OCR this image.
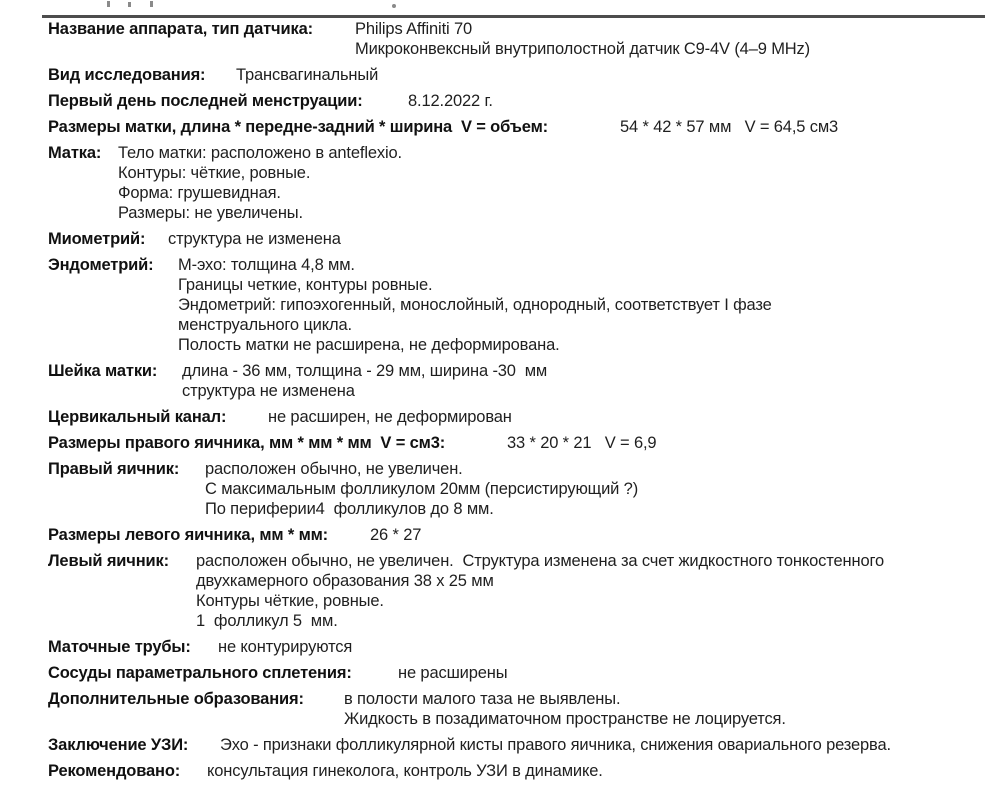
Название аппарата, тип датчика:	Philips Affiniti 70
Микроконвексный внутриполостной датчик C9-4V (4–9 MHz)
Вид исследования: Трансвагинальный
Первый день последней менструации:	8.12.2022 г.
Размеры матки, длина * передне-задний * ширина  V = объем:	54 * 42 * 57 мм   V = 64,5 см3
Матка: Тело матки: расположено в anteflexio.
Контуры: чёткие, ровные.
Форма: грушевидная.
Размеры: не увеличены.
Миометрий: структура не изменена
Эндометрий: М-эхо: толщина 4,8 мм.
Границы четкие, контуры ровные.
Эндометрий: гипоэхогенный, монослойный, однородный, соответствует I фазе
менструального цикла.
Полость матки не расширена, не деформирована.
Шейка матки: длина - 36 мм, толщина - 29 мм, ширина -30  мм
структура не изменена
Цервикальный канал:	не расширен, не деформирован
Размеры правого яичника, мм * мм * мм  V = см3:	33 * 20 * 21   V = 6,9
Правый яичник: расположен обычно, не увеличен.
С максимальным фолликулом 20мм (персистирующий ?)
По периферии4  фолликулов до 8 мм.
Размеры левого яичника, мм * мм:	26 * 27
Левый яичник: расположен обычно, не увеличен.  Структура изменена за счет жидкостного тонкостенного
двухкамерного образования 38 х 25 мм
Контуры чёткие, ровные.
1  фолликул 5  мм.
Маточные трубы: не контурируются
Сосуды параметрального сплетения:	не расширены
Дополнительные образования: в полости малого таза не выявлены.
Жидкость в позадиматочном пространстве не лоцируется.
Заключение УЗИ: Эхо - признаки фолликулярной кисты правого яичника, снижения овариального резерва.
Рекомендовано: консультация гинеколога, контроль УЗИ в динамике.
